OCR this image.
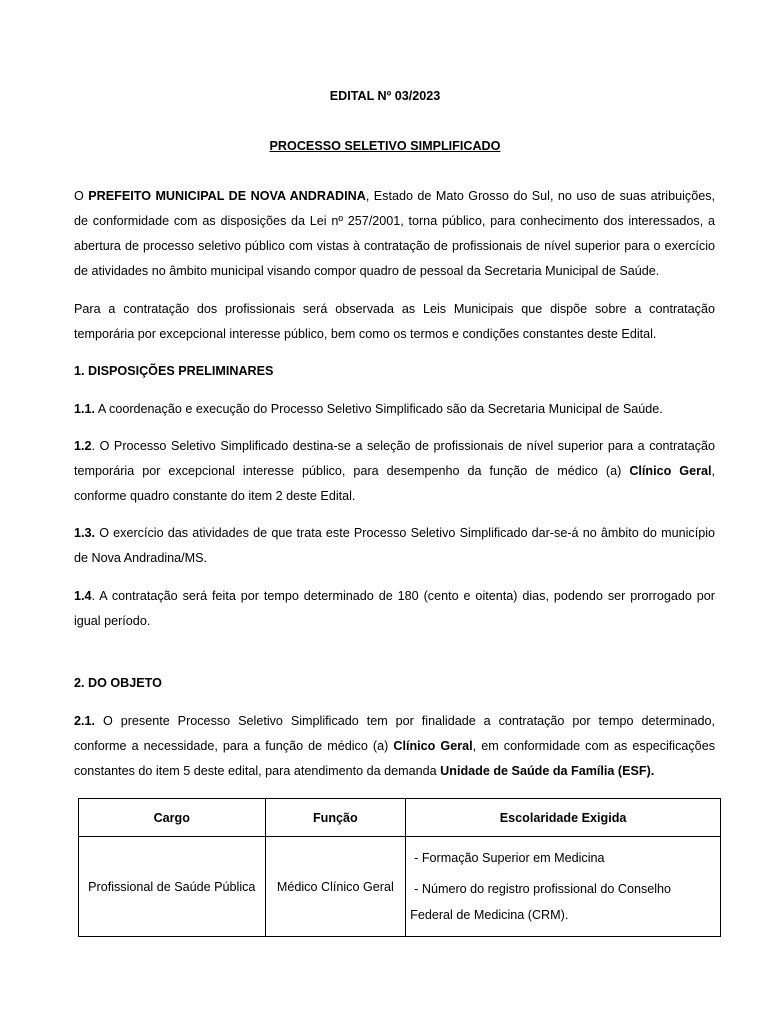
EDITAL Nº 03/2023
PROCESSO SELETIVO SIMPLIFICADO
O PREFEITO MUNICIPAL DE NOVA ANDRADINA, Estado de Mato Grosso do Sul, no uso de suas atribuições,
de conformidade com as disposições da Lei nº 257/2001, torna público, para conhecimento dos interessados, a
abertura de processo seletivo público com vistas à contratação de profissionais de nível superior para o exercício
de atividades no âmbito municipal visando compor quadro de pessoal da Secretaria Municipal de Saúde.
Para a contratação dos profissionais será observada as Leis Municipais que dispõe sobre a contratação
temporária por excepcional interesse público, bem como os termos e condições constantes deste Edital.
1. DISPOSIÇÕES PRELIMINARES
1.1. A coordenação e execução do Processo Seletivo Simplificado são da Secretaria Municipal de Saúde.
1.2. O Processo Seletivo Simplificado destina-se a seleção de profissionais de nível superior para a contratação
temporária por excepcional interesse público, para desempenho da função de médico (a) Clínico Geral,
conforme quadro constante do item 2 deste Edital.
1.3. O exercício das atividades de que trata este Processo Seletivo Simplificado dar-se-á no âmbito do município
de Nova Andradina/MS.
1.4. A contratação será feita por tempo determinado de 180 (cento e oitenta) dias, podendo ser prorrogado por
igual período.
2. DO OBJETO
2.1. O presente Processo Seletivo Simplificado tem por finalidade a contratação por tempo determinado,
conforme a necessidade, para a função de médico (a) Clínico Geral, em conformidade com as especificações
constantes do item 5 deste edital, para atendimento da demanda Unidade de Saúde da Família (ESF).
Cargo	Função	Escolaridade Exigida
Profissional de Saúde Pública	Médico Clínico Geral	- Formação Superior em Medicina
- Número do registro profissional do Conselho
Federal de Medicina (CRM).
